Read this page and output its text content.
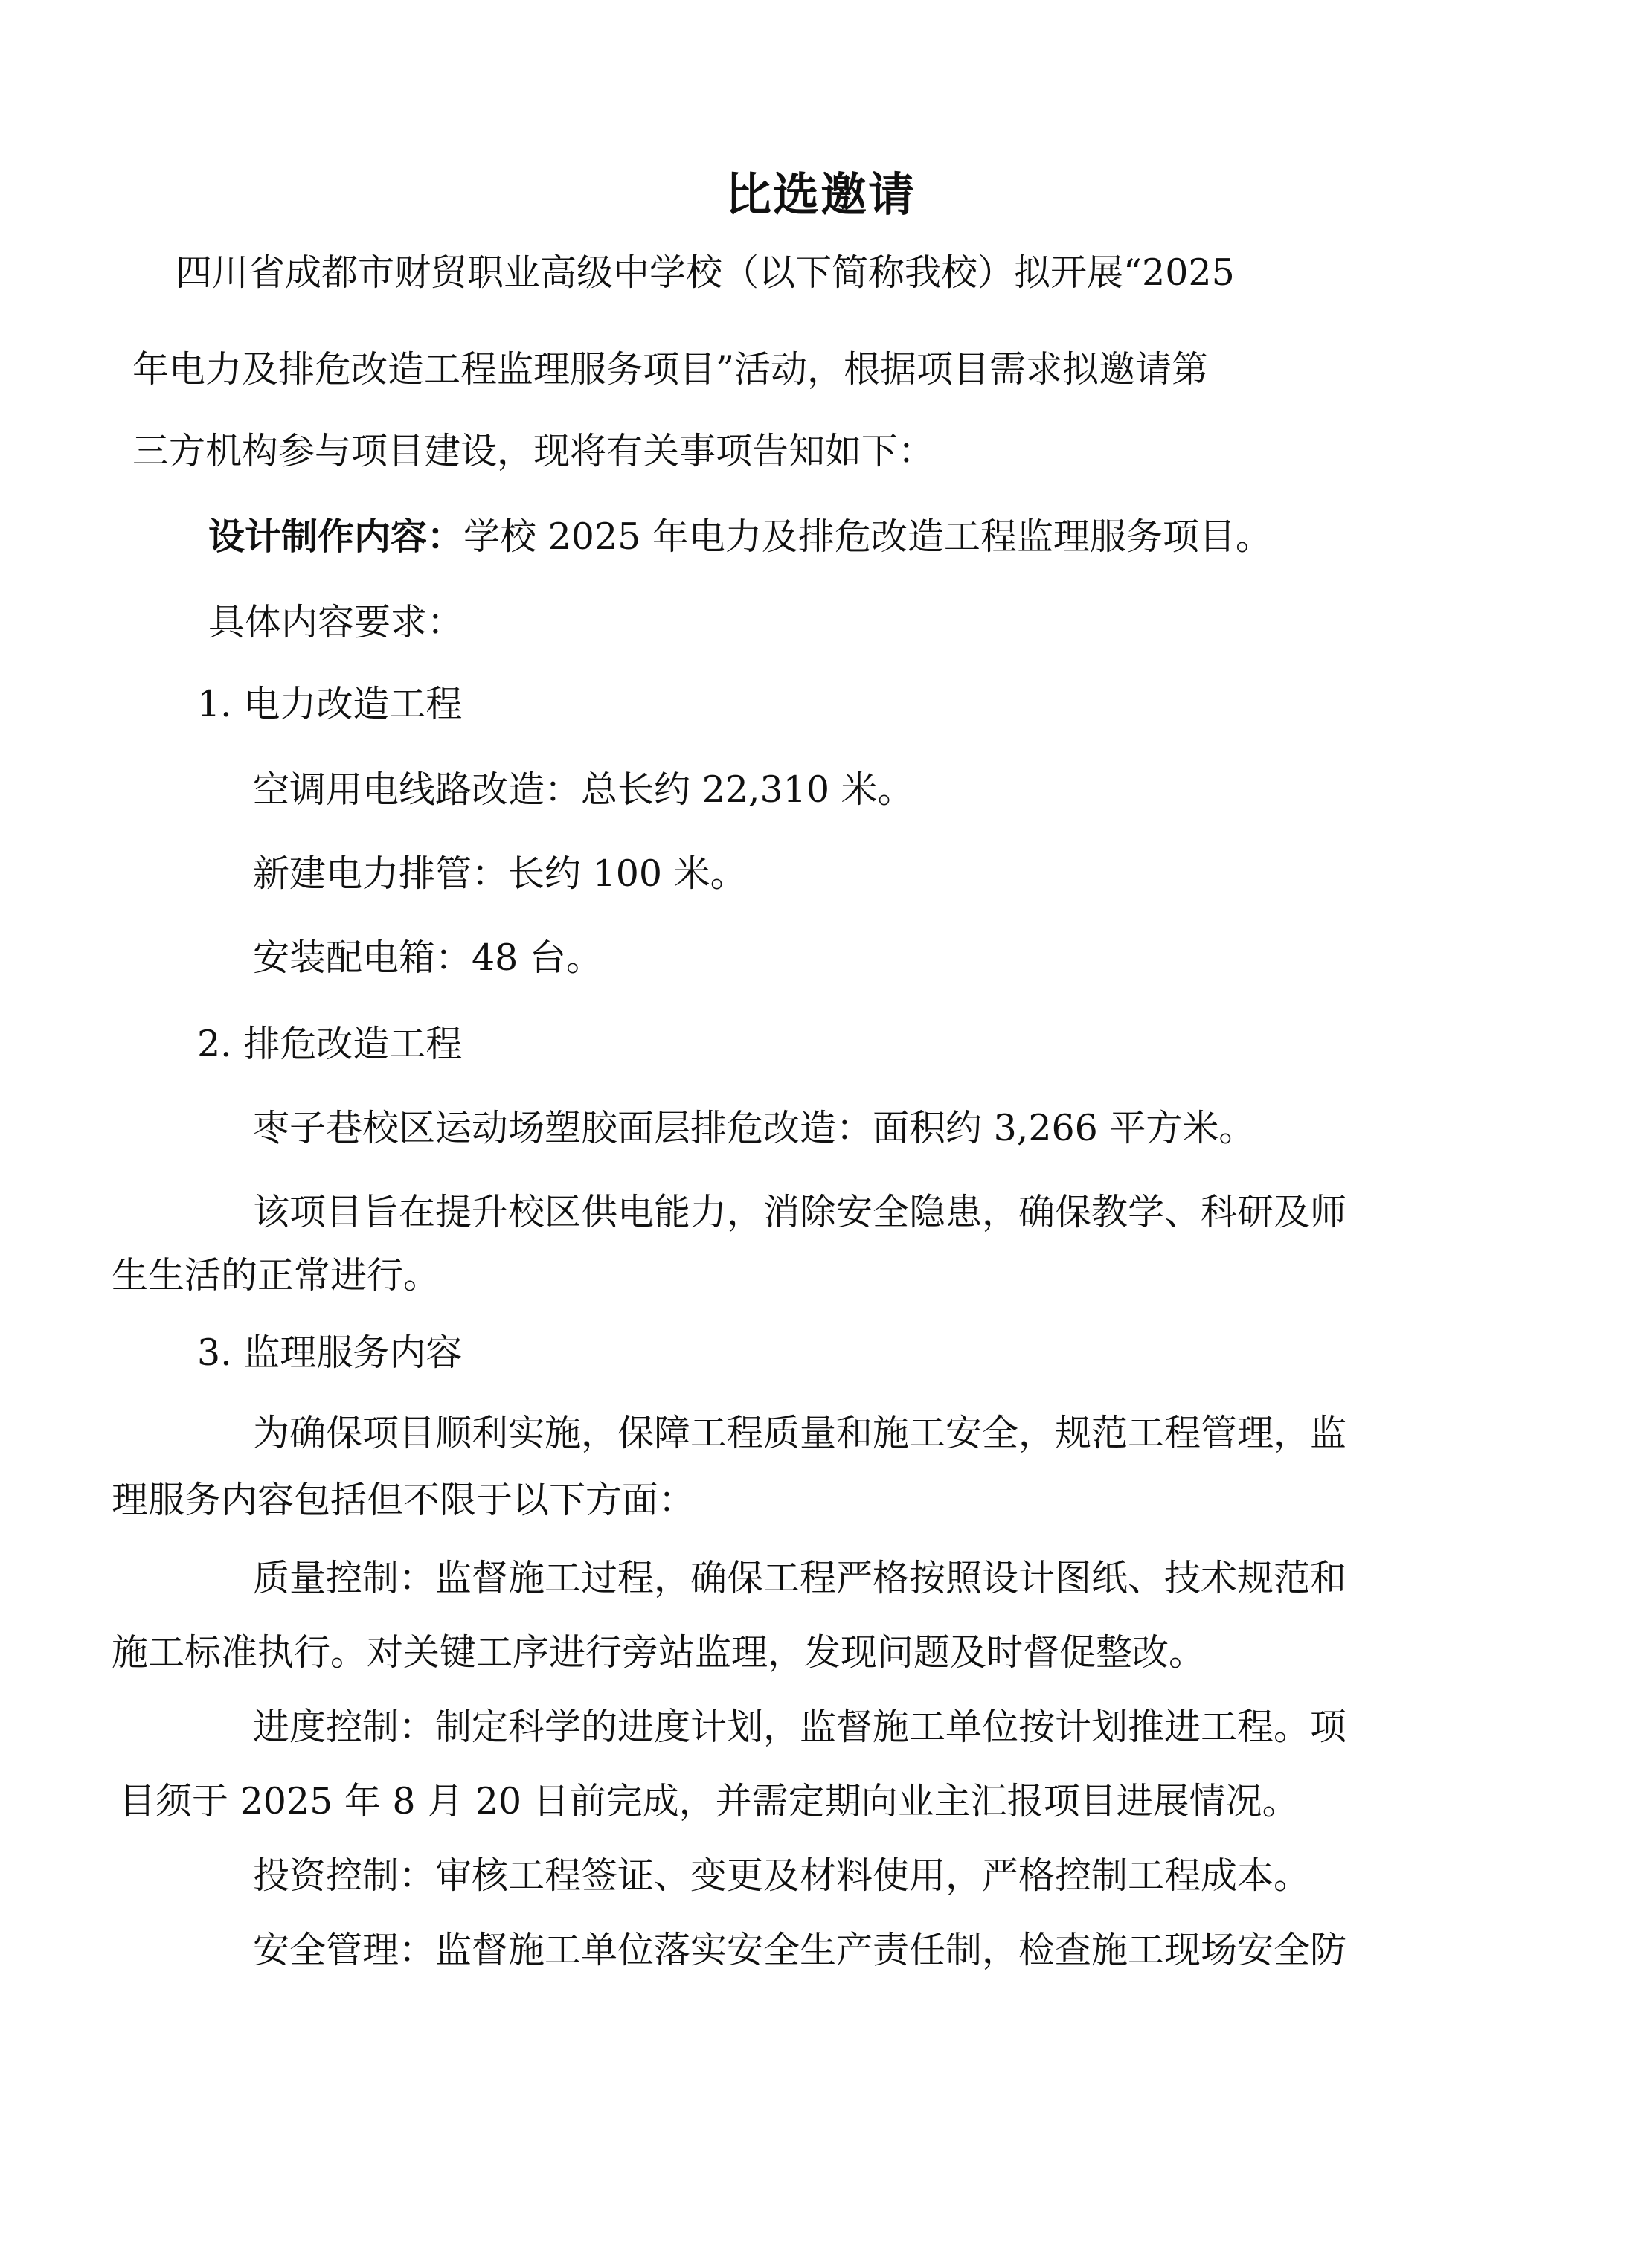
比选邀请

四川省成都市财贸职业高级中学校（以下简称我校）拟开展“2025

年电力及排危改造工程监理服务项目”活动，根据项目需求拟邀请第

三方机构参与项目建设，现将有关事项告知如下：

设计制作内容：学校 2025 年电力及排危改造工程监理服务项目。

具体内容要求：

1. 电力改造工程

空调用电线路改造：总长约 22,310 米。

新建电力排管：长约 100 米。

安装配电箱：48 台。

2. 排危改造工程

枣子巷校区运动场塑胶面层排危改造：面积约 3,266 平方米。

该项目旨在提升校区供电能力，消除安全隐患，确保教学、科研及师

生生活的正常进行。

3. 监理服务内容

为确保项目顺利实施，保障工程质量和施工安全，规范工程管理，监

理服务内容包括但不限于以下方面：

质量控制：监督施工过程，确保工程严格按照设计图纸、技术规范和

施工标准执行。对关键工序进行旁站监理，发现问题及时督促整改。

进度控制：制定科学的进度计划，监督施工单位按计划推进工程。项

目须于 2025 年 8 月 20 日前完成，并需定期向业主汇报项目进展情况。

投资控制：审核工程签证、变更及材料使用，严格控制工程成本。

安全管理：监督施工单位落实安全生产责任制，检查施工现场安全防
